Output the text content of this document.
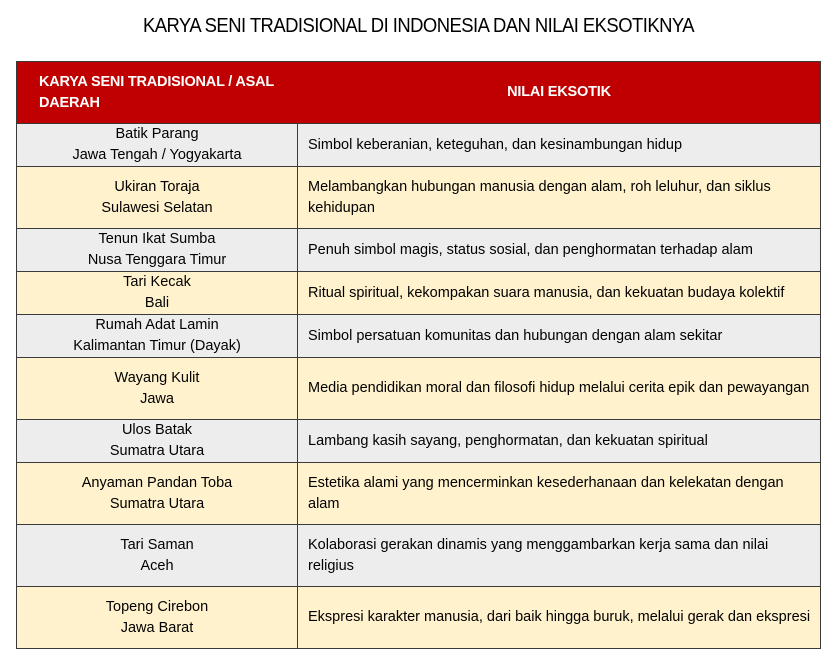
KARYA SENI TRADISIONAL DI INDONESIA DAN NILAI EKSOTIKNYA
KARYA SENI TRADISIONAL / ASAL DAERAH	NILAI EKSOTIK

Batik Parang
Jawa Tengah / Yogyakarta	Simbol keberanian, keteguhan, dan kesinambungan hidup

Ukiran Toraja
Sulawesi Selatan	Melambangkan hubungan manusia dengan alam, roh leluhur, dan siklus kehidupan

Tenun Ikat Sumba
Nusa Tenggara Timur	Penuh simbol magis, status sosial, dan penghormatan terhadap alam

Tari Kecak
Bali	Ritual spiritual, kekompakan suara manusia, dan kekuatan budaya kolektif

Rumah Adat Lamin
Kalimantan Timur (Dayak)	Simbol persatuan komunitas dan hubungan dengan alam sekitar

Wayang Kulit
Jawa	Media pendidikan moral dan filosofi hidup melalui cerita epik dan pewayangan

Ulos Batak
Sumatra Utara	Lambang kasih sayang, penghormatan, dan kekuatan spiritual

Anyaman Pandan Toba
Sumatra Utara	Estetika alami yang mencerminkan kesederhanaan dan kelekatan dengan alam

Tari Saman
Aceh	Kolaborasi gerakan dinamis yang menggambarkan kerja sama dan nilai religius

Topeng Cirebon
Jawa Barat	Ekspresi karakter manusia, dari baik hingga buruk, melalui gerak dan ekspresi
